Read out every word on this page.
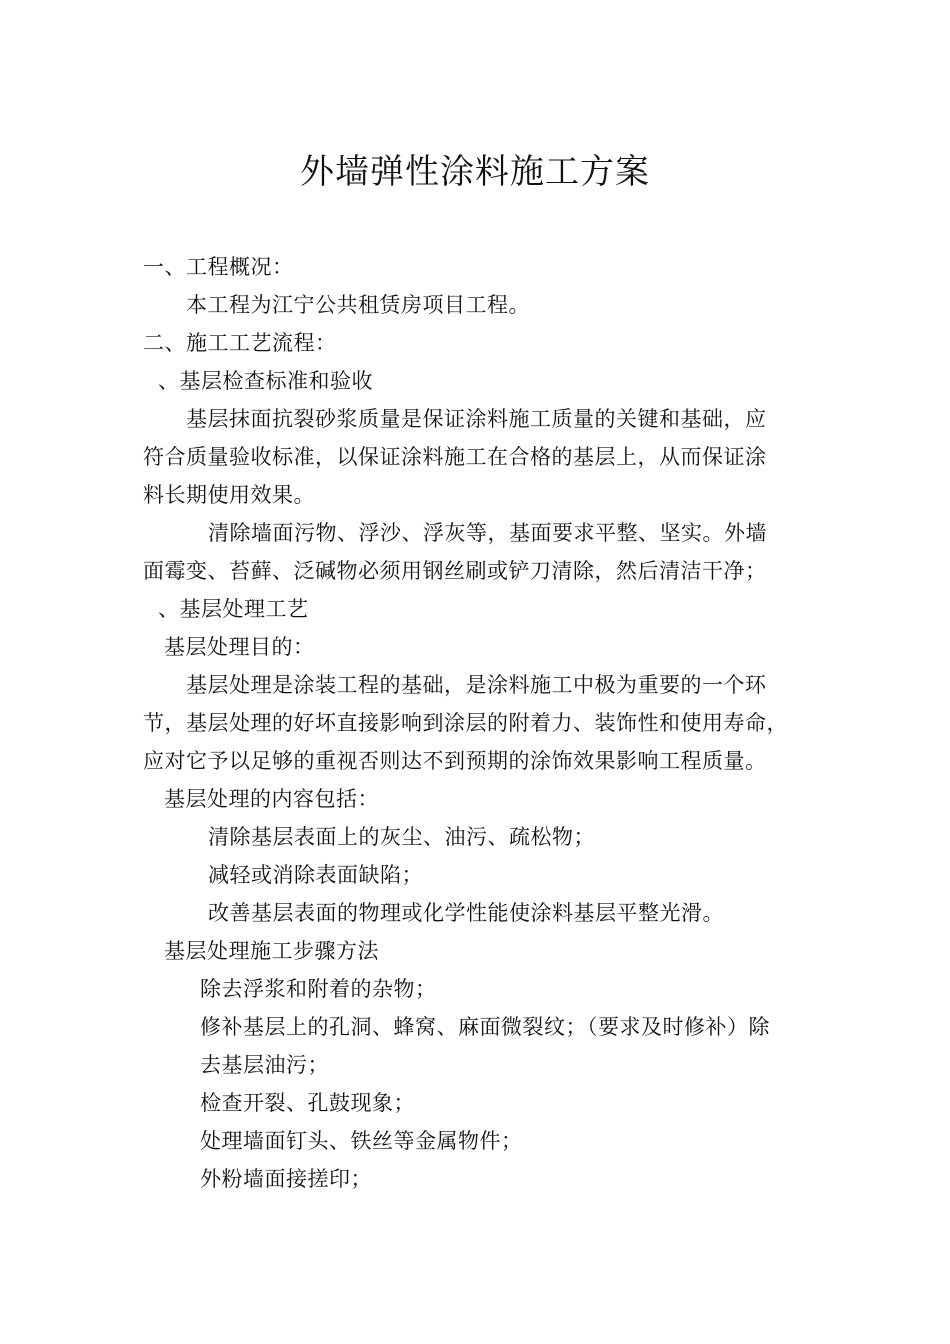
外墙弹性涂料施工方案
一、工程概况：
本工程为江宁公共租赁房项目工程。
二、施工工艺流程：
、基层检查标准和验收
基层抹面抗裂砂浆质量是保证涂料施工质量的关键和基础，应
符合质量验收标准，以保证涂料施工在合格的基层上，从而保证涂
料长期使用效果。
清除墙面污物、浮沙、浮灰等，基面要求平整、坚实。外墙
面霉变、苔藓、泛碱物必须用钢丝刷或铲刀清除，然后清洁干净；
、基层处理工艺
基层处理目的：
基层处理是涂装工程的基础，是涂料施工中极为重要的一个环
节，基层处理的好坏直接影响到涂层的附着力、装饰性和使用寿命，
应对它予以足够的重视否则达不到预期的涂饰效果影响工程质量。
基层处理的内容包括：
清除基层表面上的灰尘、油污、疏松物；
减轻或消除表面缺陷；
改善基层表面的物理或化学性能使涂料基层平整光滑。
基层处理施工步骤方法
除去浮浆和附着的杂物；
修补基层上的孔洞、蜂窝、麻面微裂纹；（要求及时修补）除
去基层油污；
检查开裂、孔鼓现象；
处理墙面钉头、铁丝等金属物件；
外粉墙面接搓印；
